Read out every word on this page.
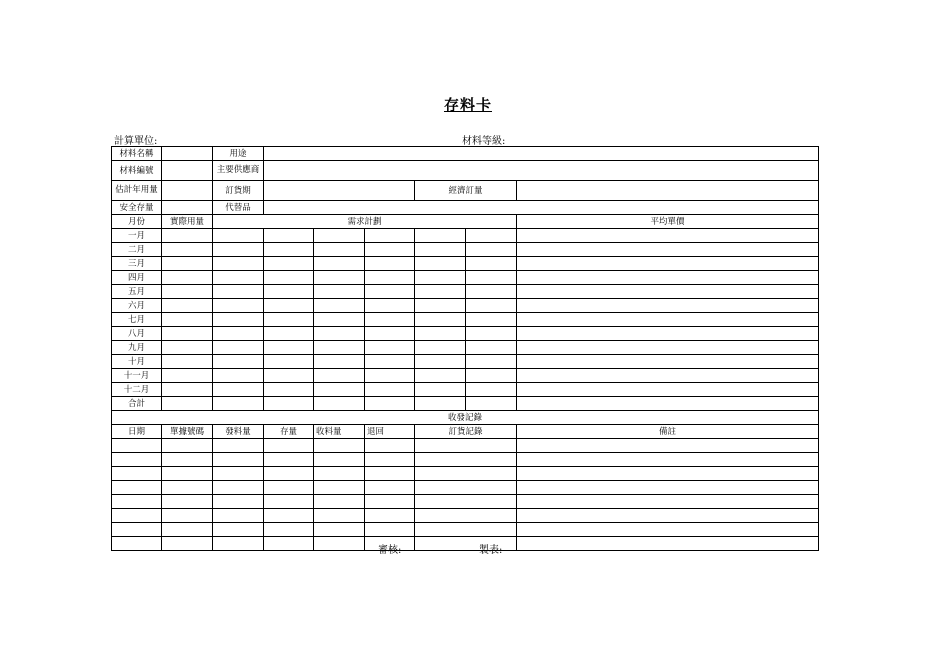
存料卡
計算單位:	材料等級:
材料名稱		用途						
材料編號		主要供應商						
估計年用量		訂貨期				經濟訂量		
安全存量		代替品						
月份	實際用量	需求計劃						平均單價
一月								
二月								
三月								
四月								
五月								
六月								
七月								
八月								
九月								
十月								
十一月								
十二月								
合計								
收發記錄								
日期	單據號碼	發料量	存量	收料量	退回	訂貨記錄		備註

審核:	製表:
